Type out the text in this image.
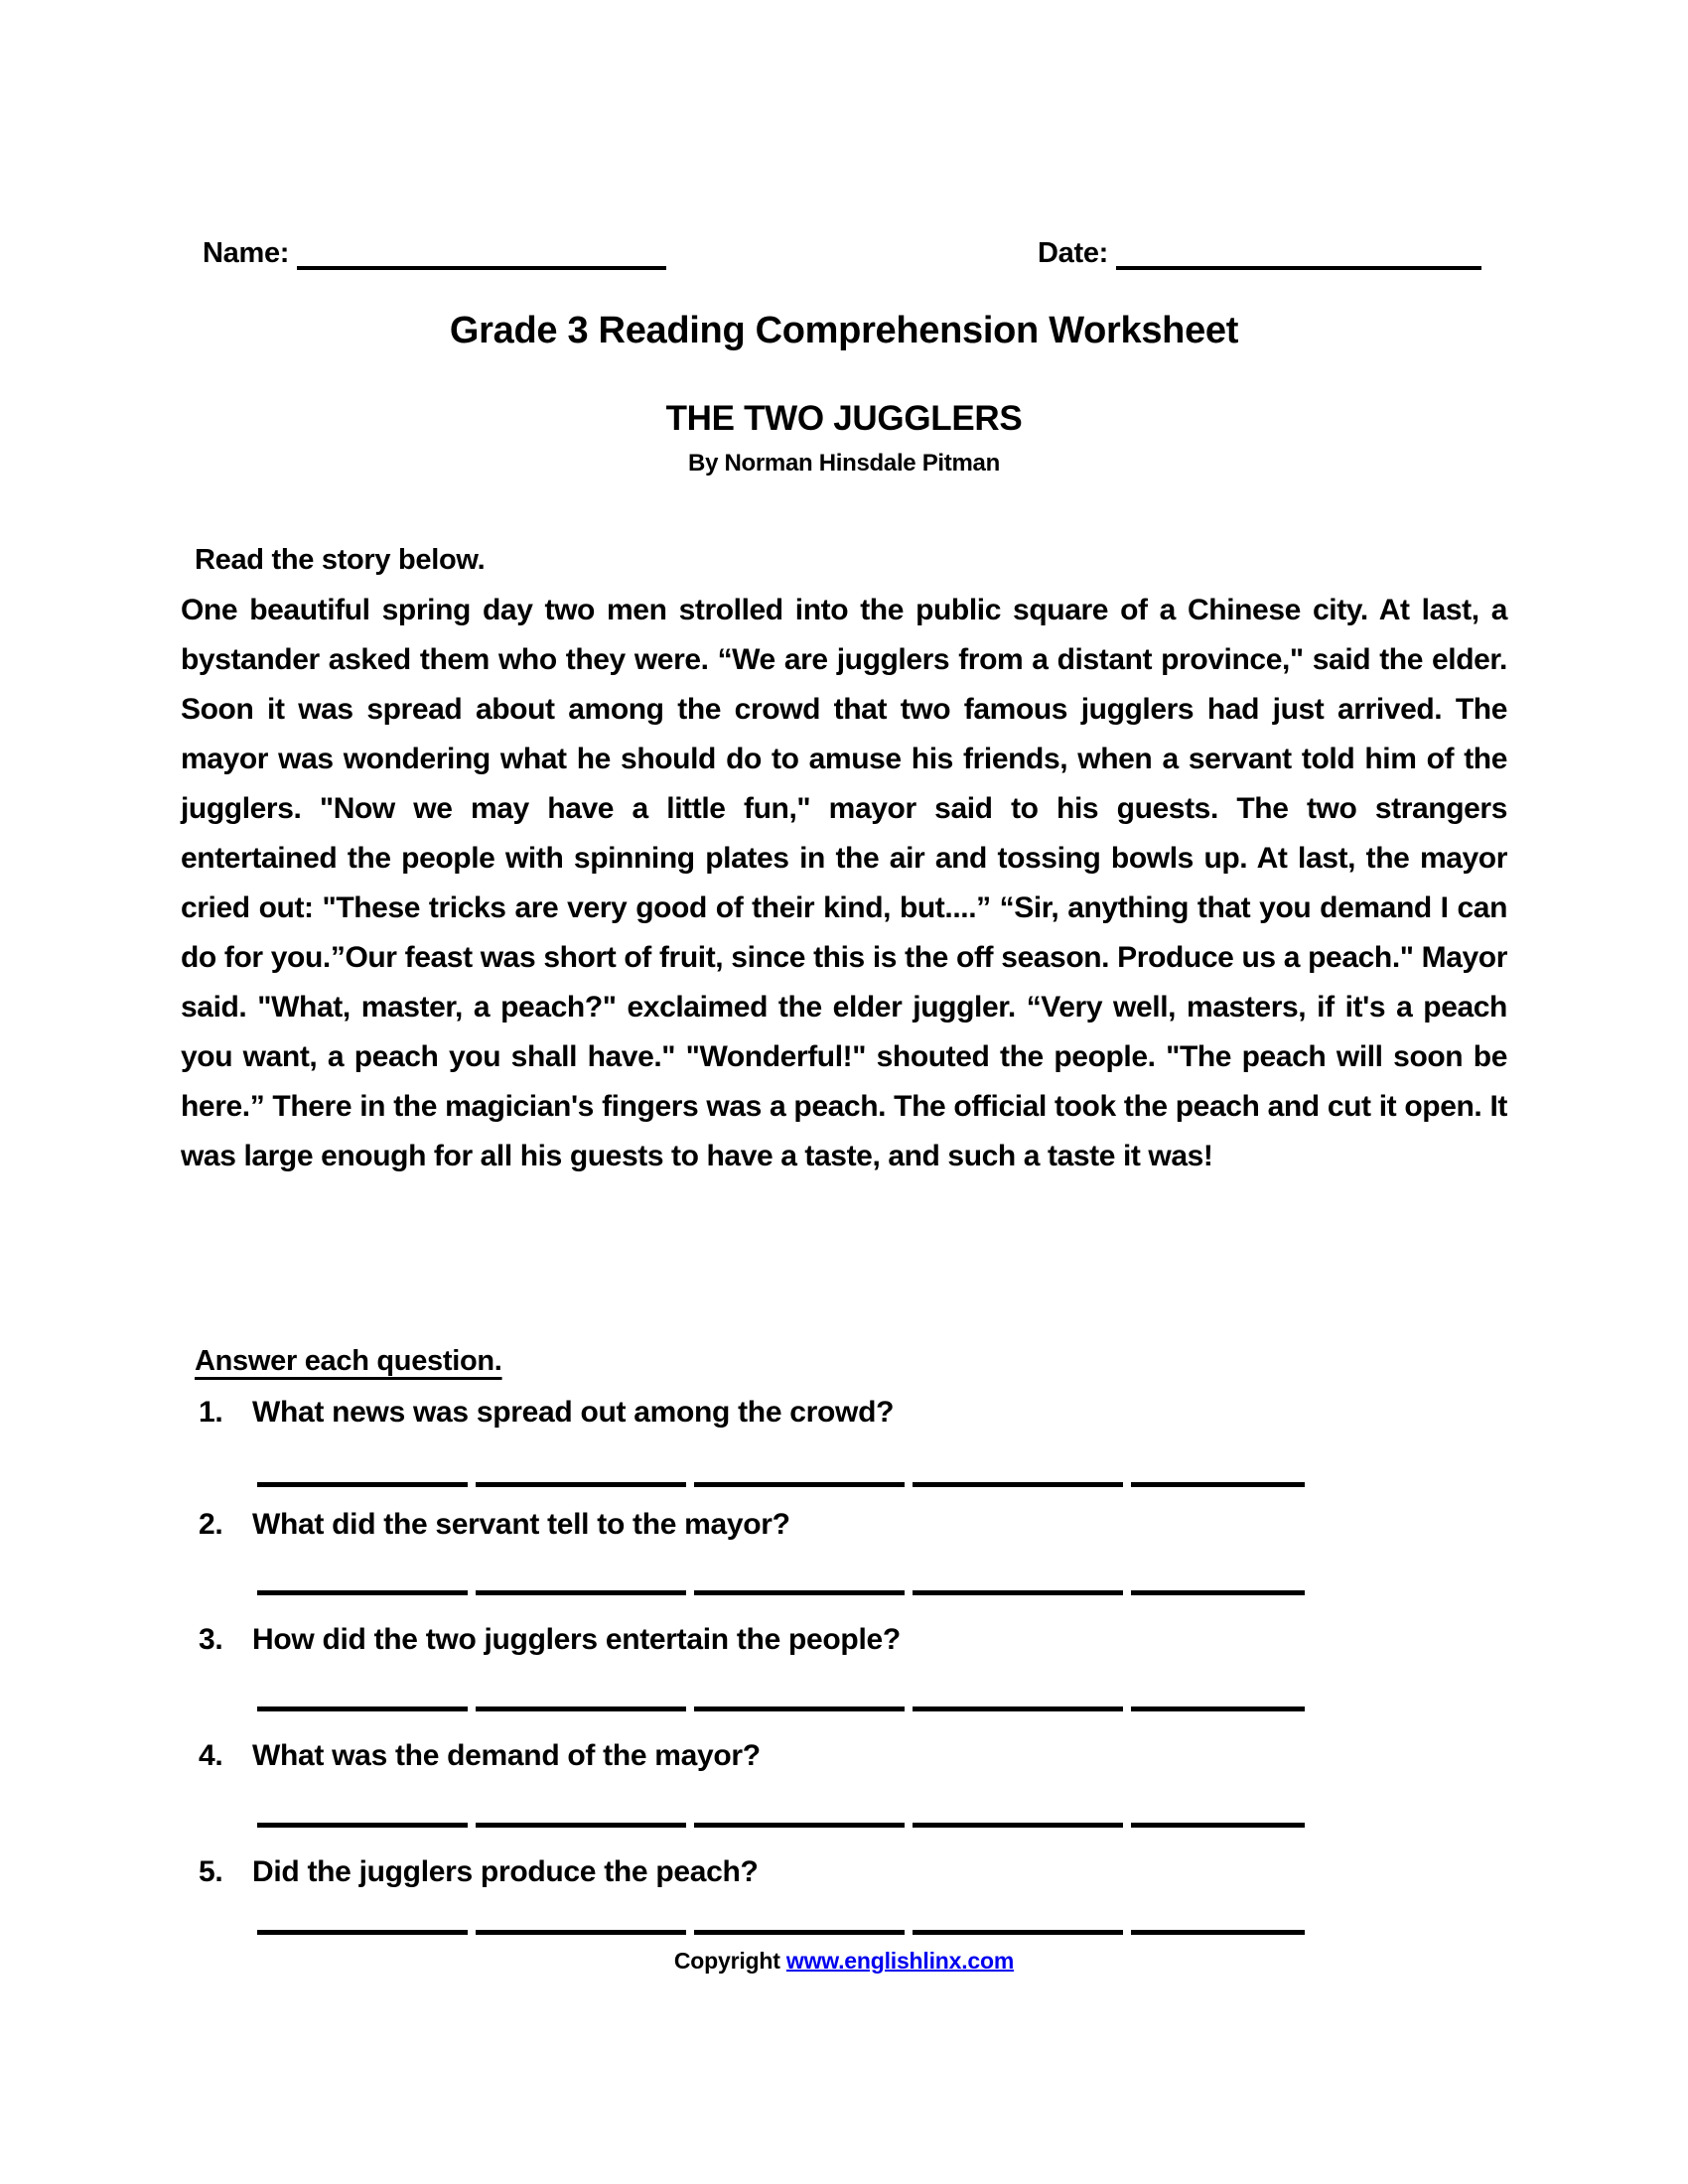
Name:	Date:
Grade 3 Reading Comprehension Worksheet
THE TWO JUGGLERS
By Norman Hinsdale Pitman
Read the story below.
One beautiful spring day two men strolled into the public square of a Chinese city. At last, a bystander asked them who they were. “We are jugglers from a distant province," said the elder. Soon it was spread about among the crowd that two famous jugglers had just arrived. The mayor was wondering what he should do to amuse his friends, when a servant told him of the jugglers. "Now we may have a little fun," mayor said to his guests. The two strangers entertained the people with spinning plates in the air and tossing bowls up. At last, the mayor cried out: "These tricks are very good of their kind, but....” “Sir, anything that you demand I can do for you.”Our feast was short of fruit, since this is the off season. Produce us a peach." Mayor said. "What, master, a peach?" exclaimed the elder juggler. “Very well, masters, if it's a peach you want, a peach you shall have." "Wonderful!" shouted the people. "The peach will soon be here.” There in the magician's fingers was a peach. The official took the peach and cut it open. It was large enough for all his guests to have a taste, and such a taste it was!
Answer each question.
1. What news was spread out among the crowd?
2. What did the servant tell to the mayor?
3. How did the two jugglers entertain the people?
4. What was the demand of the mayor?
5. Did the jugglers produce the peach?
Copyright www.englishlinx.com
